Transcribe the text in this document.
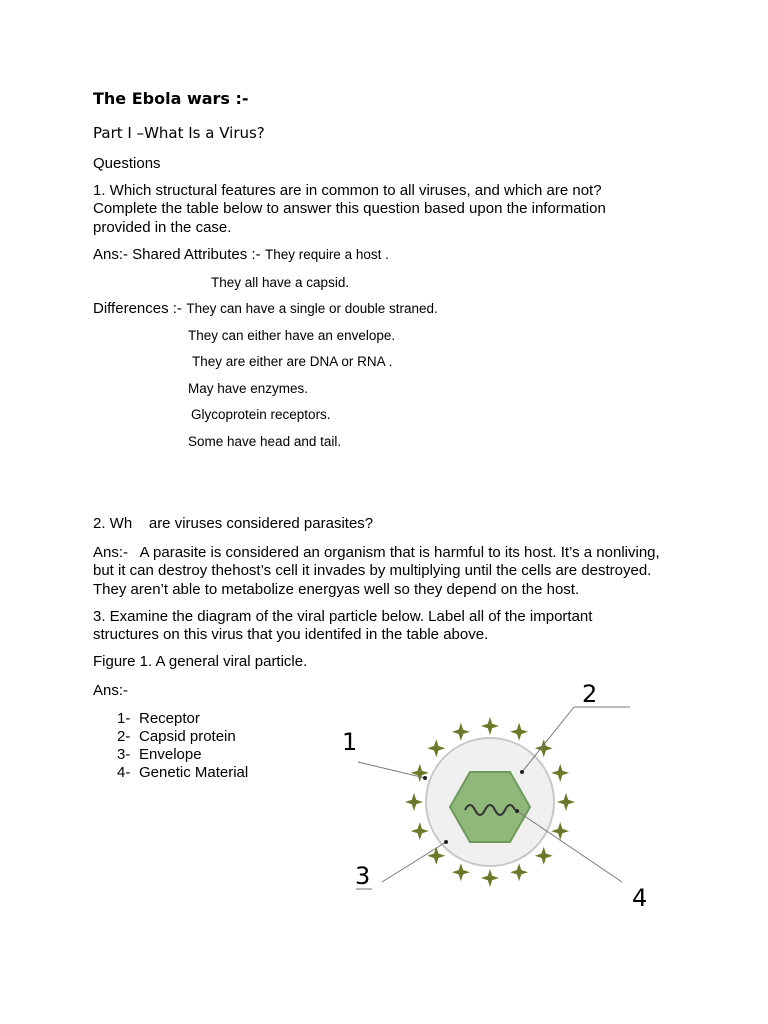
The Ebola wars :-
Part I –What Is a Virus?
Questions
1. Which structural features are in common to all viruses, and which are not?
Complete the table below to answer this question based upon the information
provided in the case.
Ans:- Shared Attributes :- They require a host .
They all have a capsid.
Differences :- They can have a single or double straned.
They can either have an envelope.
They are either are DNA or RNA .
May have enzymes.
Glycoprotein receptors.
Some have head and tail.
2. Wh    are viruses considered parasites?
Ans:-   A parasite is considered an organism that is harmful to its host. It’s a nonliving,
but it can destroy thehost’s cell it invades by multiplying until the cells are destroyed.
They aren’t able to metabolize energyas well so they depend on the host.
3. Examine the diagram of the viral particle below. Label all of the important
structures on this virus that you identifed in the table above.
Figure 1. A general viral particle.
Ans:-
1- Receptor
2- Capsid protein
3- Envelope
4- Genetic Material
1
2
3
4
